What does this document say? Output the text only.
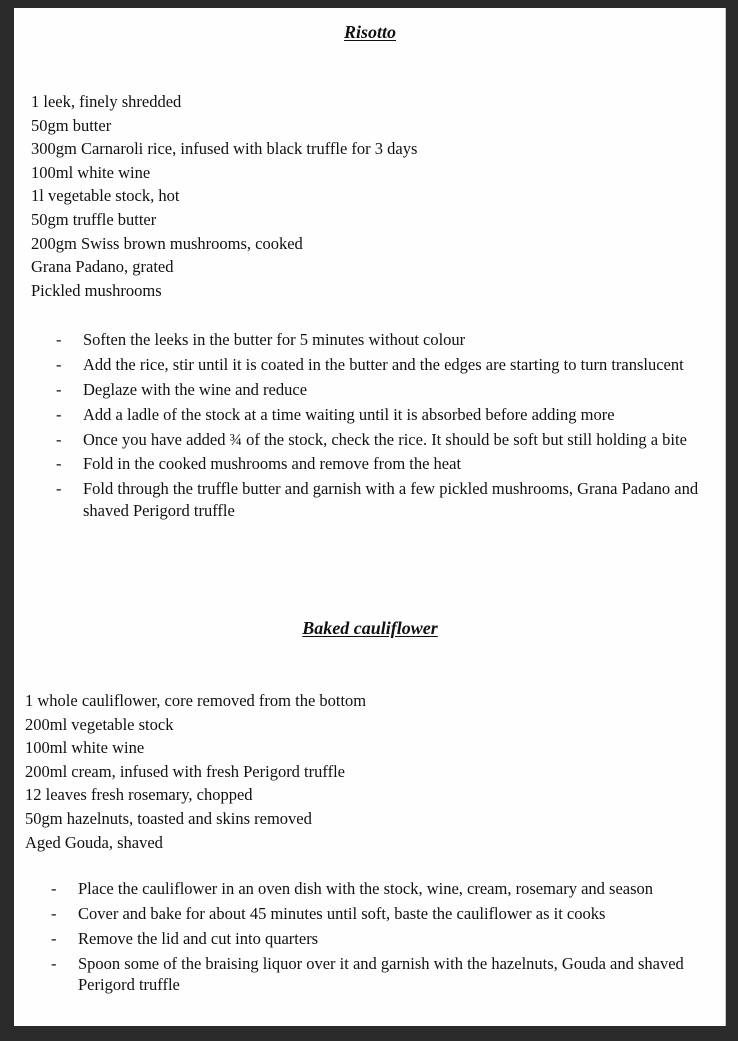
Risotto
1 leek, finely shredded
50gm butter
300gm Carnaroli rice, infused with black truffle for 3 days
100ml white wine
1l vegetable stock, hot
50gm truffle butter
200gm Swiss brown mushrooms, cooked
Grana Padano, grated
Pickled mushrooms
- Soften the leeks in the butter for 5 minutes without colour
- Add the rice, stir until it is coated in the butter and the edges are starting to turn translucent
- Deglaze with the wine and reduce
- Add a ladle of the stock at a time waiting until it is absorbed before adding more
- Once you have added ¾ of the stock, check the rice. It should be soft but still holding a bite
- Fold in the cooked mushrooms and remove from the heat
- Fold through the truffle butter and garnish with a few pickled mushrooms, Grana Padano and shaved Perigord truffle
Baked cauliflower
1 whole cauliflower, core removed from the bottom
200ml vegetable stock
100ml white wine
200ml cream, infused with fresh Perigord truffle
12 leaves fresh rosemary, chopped
50gm hazelnuts, toasted and skins removed
Aged Gouda, shaved
- Place the cauliflower in an oven dish with the stock, wine, cream, rosemary and season
- Cover and bake for about 45 minutes until soft, baste the cauliflower as it cooks
- Remove the lid and cut into quarters
- Spoon some of the braising liquor over it and garnish with the hazelnuts, Gouda and shaved Perigord truffle
